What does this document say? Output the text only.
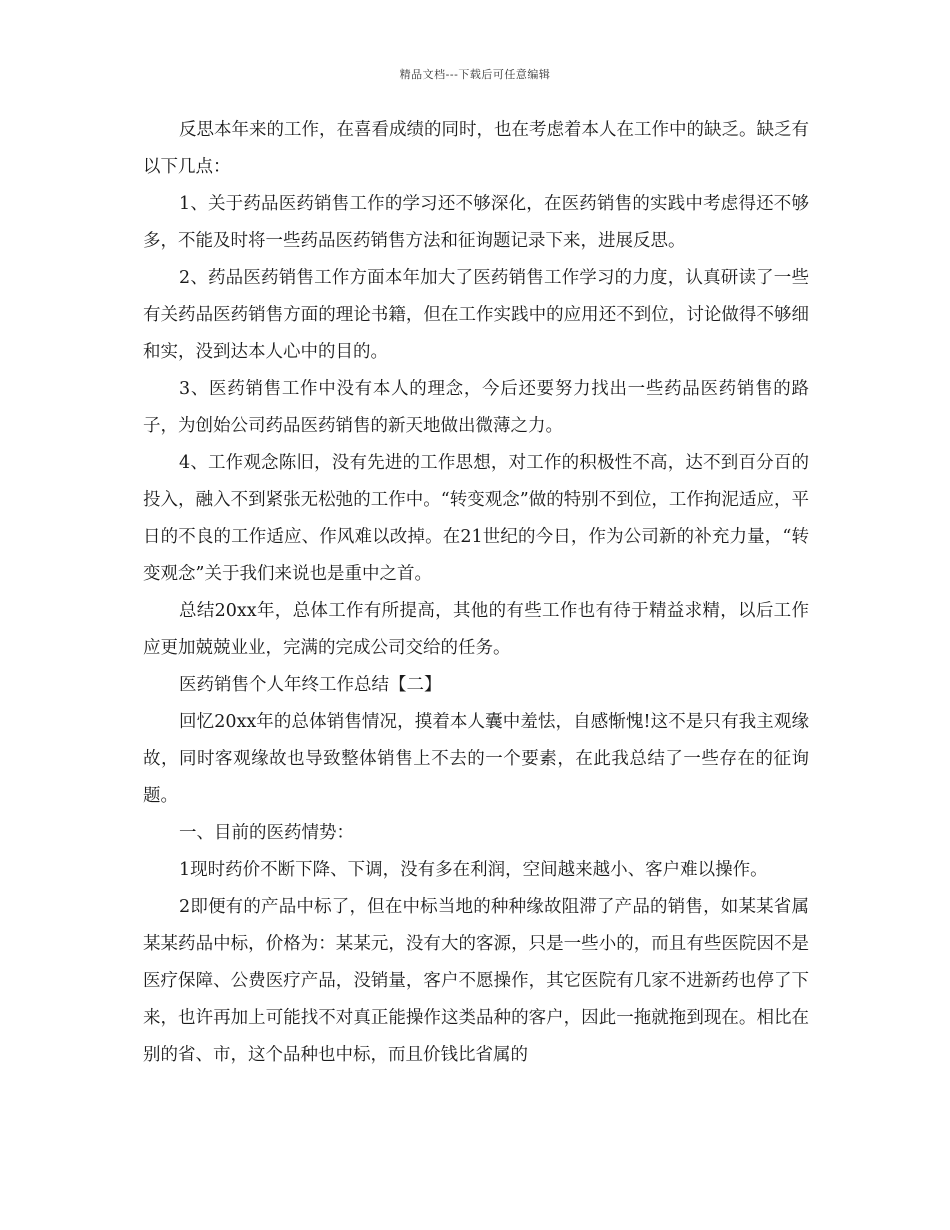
精品文档---下载后可任意编辑

反思本年来的工作，在喜看成绩的同时，也在考虑着本人在工作中的缺乏。缺乏有以下几点：

1、关于药品医药销售工作的学习还不够深化，在医药销售的实践中考虑得还不够多，不能及时将一些药品医药销售方法和征询题记录下来，进展反思。

2、药品医药销售工作方面本年加大了医药销售工作学习的力度，认真研读了一些有关药品医药销售方面的理论书籍，但在工作实践中的应用还不到位，讨论做得不够细和实，没到达本人心中的目的。

3、医药销售工作中没有本人的理念，今后还要努力找出一些药品医药销售的路子，为创始公司药品医药销售的新天地做出微薄之力。

4、工作观念陈旧，没有先进的工作思想，对工作的积极性不高，达不到百分百的投入，融入不到紧张无松弛的工作中。“转变观念”做的特别不到位，工作拘泥适应，平日的不良的工作适应、作风难以改掉。在21世纪的今日，作为公司新的补充力量，“转变观念”关于我们来说也是重中之首。

总结20xx年，总体工作有所提高，其他的有些工作也有待于精益求精，以后工作应更加兢兢业业，完满的完成公司交给的任务。

医药销售个人年终工作总结【二】

回忆20xx年的总体销售情况，摸着本人囊中羞怯，自感惭愧!这不是只有我主观缘故，同时客观缘故也导致整体销售上不去的一个要素，在此我总结了一些存在的征询题。

一、目前的医药情势：

1现时药价不断下降、下调，没有多在利润，空间越来越小、客户难以操作。

2即便有的产品中标了，但在中标当地的种种缘故阻滞了产品的销售，如某某省属某某药品中标，价格为：某某元，没有大的客源，只是一些小的，而且有些医院因不是医疗保障、公费医疗产品，没销量，客户不愿操作，其它医院有几家不进新药也停了下来，也许再加上可能找不对真正能操作这类品种的客户，因此一拖就拖到现在。相比在别的省、市，这个品种也中标，而且价钱比省属的
